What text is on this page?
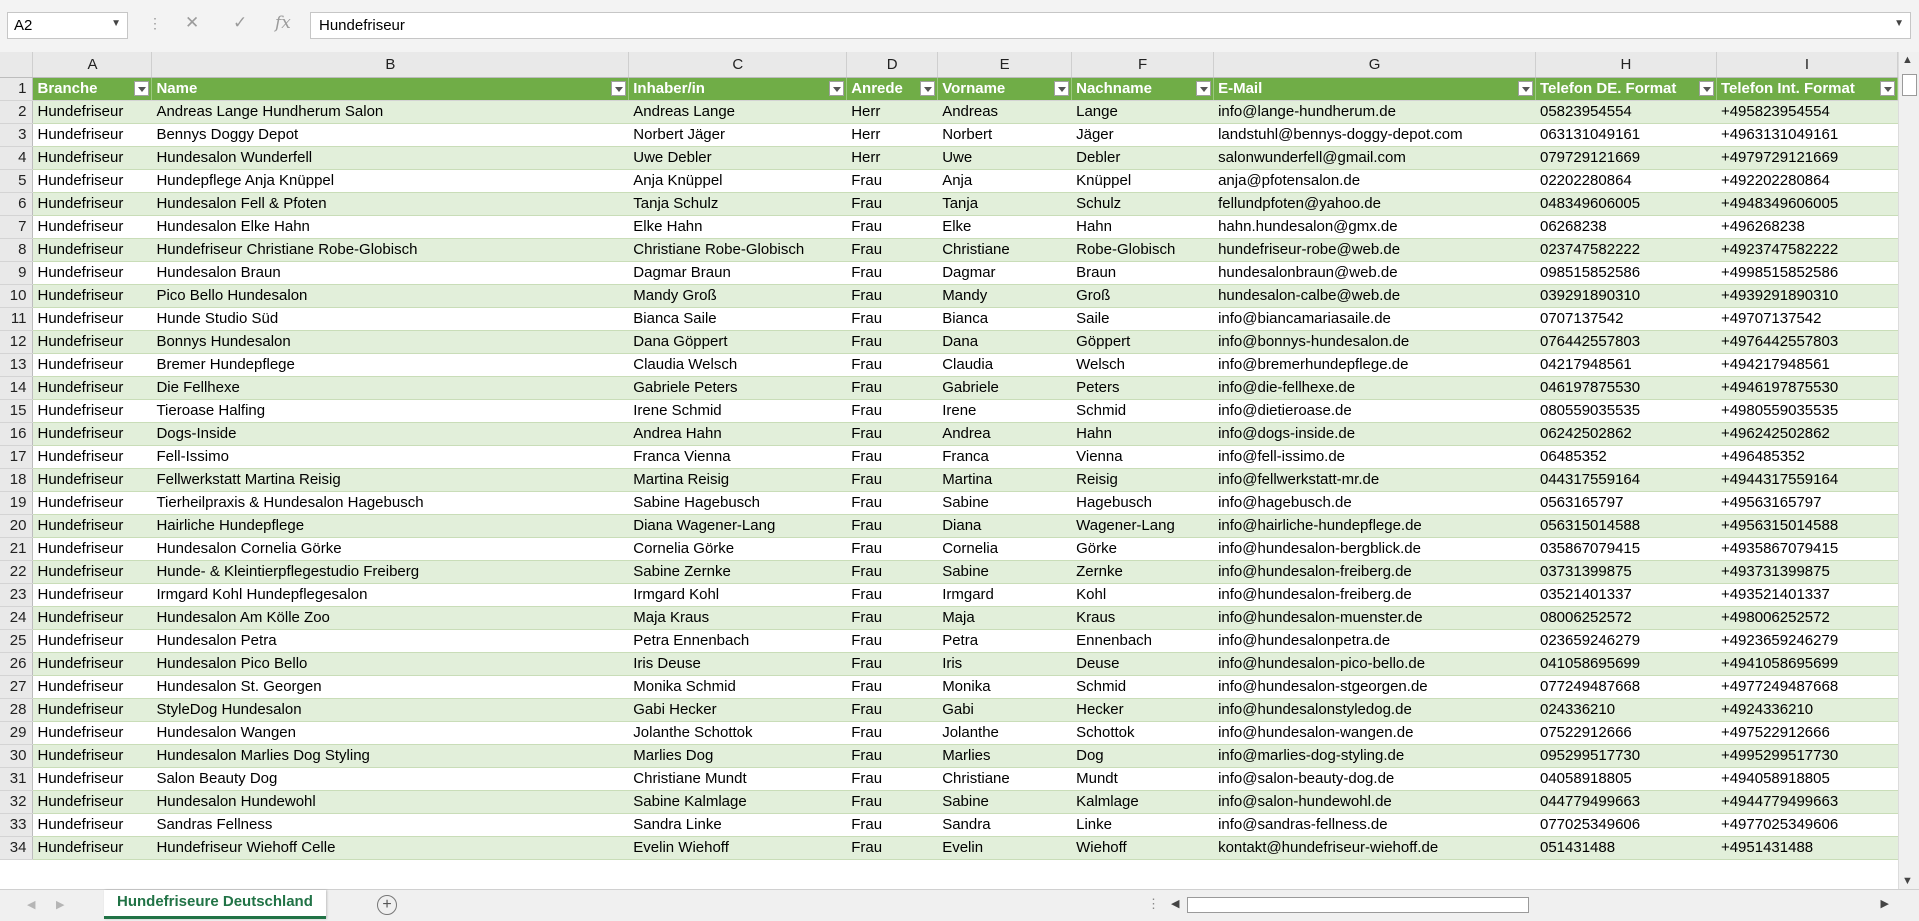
A2	▼ ⋮ ✕ ✓ fx Hundefriseur	▼
	A	B	C	D	E	F	G	H	I
1	Branche	Name	Inhaber/in	Anrede	Vorname	Nachname	E-Mail	Telefon DE. Format	Telefon Int. Format

2	Hundefriseur	Andreas Lange Hundherum Salon	Andreas Lange	Herr	Andreas	Lange	info@lange-hundherum.de	05823954554	+495823954554
3	Hundefriseur	Bennys Doggy Depot	Norbert Jäger	Herr	Norbert	Jäger	landstuhl@bennys-doggy-depot.com	063131049161	+4963131049161
4	Hundefriseur	Hundesalon Wunderfell	Uwe Debler	Herr	Uwe	Debler	salonwunderfell@gmail.com	079729121669	+4979729121669
5	Hundefriseur	Hundepflege Anja Knüppel	Anja Knüppel	Frau	Anja	Knüppel	anja@pfotensalon.de	02202280864	+492202280864
6	Hundefriseur	Hundesalon Fell & Pfoten	Tanja Schulz	Frau	Tanja	Schulz	fellundpfoten@yahoo.de	048349606005	+4948349606005
7	Hundefriseur	Hundesalon Elke Hahn	Elke Hahn	Frau	Elke	Hahn	hahn.hundesalon@gmx.de	06268238	+496268238
8	Hundefriseur	Hundefriseur Christiane Robe-Globisch	Christiane Robe-Globisch	Frau	Christiane	Robe-Globisch	hundefriseur-robe@web.de	023747582222	+4923747582222
9	Hundefriseur	Hundesalon Braun	Dagmar Braun	Frau	Dagmar	Braun	hundesalonbraun@web.de	098515852586	+4998515852586
10	Hundefriseur	Pico Bello Hundesalon	Mandy Groß	Frau	Mandy	Groß	hundesalon-calbe@web.de	039291890310	+4939291890310
11	Hundefriseur	Hunde Studio Süd	Bianca Saile	Frau	Bianca	Saile	info@biancamariasaile.de	0707137542	+49707137542
12	Hundefriseur	Bonnys Hundesalon	Dana Göppert	Frau	Dana	Göppert	info@bonnys-hundesalon.de	076442557803	+4976442557803
13	Hundefriseur	Bremer Hundepflege	Claudia Welsch	Frau	Claudia	Welsch	info@bremerhundepflege.de	04217948561	+494217948561
14	Hundefriseur	Die Fellhexe	Gabriele Peters	Frau	Gabriele	Peters	info@die-fellhexe.de	046197875530	+4946197875530
15	Hundefriseur	Tieroase Halfing	Irene Schmid	Frau	Irene	Schmid	info@dietieroase.de	080559035535	+4980559035535
16	Hundefriseur	Dogs-Inside	Andrea Hahn	Frau	Andrea	Hahn	info@dogs-inside.de	06242502862	+496242502862
17	Hundefriseur	Fell-Issimo	Franca Vienna	Frau	Franca	Vienna	info@fell-issimo.de	06485352	+496485352
18	Hundefriseur	Fellwerkstatt Martina Reisig	Martina Reisig	Frau	Martina	Reisig	info@fellwerkstatt-mr.de	044317559164	+4944317559164
19	Hundefriseur	Tierheilpraxis & Hundesalon Hagebusch	Sabine Hagebusch	Frau	Sabine	Hagebusch	info@hagebusch.de	0563165797	+49563165797
20	Hundefriseur	Hairliche Hundepflege	Diana Wagener-Lang	Frau	Diana	Wagener-Lang	info@hairliche-hundepflege.de	056315014588	+4956315014588
21	Hundefriseur	Hundesalon Cornelia Görke	Cornelia Görke	Frau	Cornelia	Görke	info@hundesalon-bergblick.de	035867079415	+4935867079415
22	Hundefriseur	Hunde- & Kleintierpflegestudio Freiberg	Sabine Zernke	Frau	Sabine	Zernke	info@hundesalon-freiberg.de	03731399875	+493731399875
23	Hundefriseur	Irmgard Kohl Hundepflegesalon	Irmgard Kohl	Frau	Irmgard	Kohl	info@hundesalon-freiberg.de	03521401337	+493521401337
24	Hundefriseur	Hundesalon Am Kölle Zoo	Maja Kraus	Frau	Maja	Kraus	info@hundesalon-muenster.de	08006252572	+498006252572
25	Hundefriseur	Hundesalon Petra	Petra Ennenbach	Frau	Petra	Ennenbach	info@hundesalonpetra.de	023659246279	+4923659246279
26	Hundefriseur	Hundesalon Pico Bello	Iris Deuse	Frau	Iris	Deuse	info@hundesalon-pico-bello.de	041058695699	+4941058695699
27	Hundefriseur	Hundesalon St. Georgen	Monika Schmid	Frau	Monika	Schmid	info@hundesalon-stgeorgen.de	077249487668	+4977249487668
28	Hundefriseur	StyleDog Hundesalon	Gabi Hecker	Frau	Gabi	Hecker	info@hundesalonstyledog.de	024336210	+4924336210
29	Hundefriseur	Hundesalon Wangen	Jolanthe Schottok	Frau	Jolanthe	Schottok	info@hundesalon-wangen.de	07522912666	+497522912666
30	Hundefriseur	Hundesalon Marlies Dog Styling	Marlies Dog	Frau	Marlies	Dog	info@marlies-dog-styling.de	095299517730	+4995299517730
31	Hundefriseur	Salon Beauty Dog	Christiane Mundt	Frau	Christiane	Mundt	info@salon-beauty-dog.de	04058918805	+494058918805
32	Hundefriseur	Hundesalon Hundewohl	Sabine Kalmlage	Frau	Sabine	Kalmlage	info@salon-hundewohl.de	044779499663	+4944779499663
33	Hundefriseur	Sandras Fellness	Sandra Linke	Frau	Sandra	Linke	info@sandras-fellness.de	077025349606	+4977025349606
34	Hundefriseur	Hundefriseur Wiehoff Celle	Evelin Wiehoff	Frau	Evelin	Wiehoff	kontakt@hundefriseur-wiehoff.de	051431488	+4951431488
▲
▼
◀ ▶	Hundefriseure Deutschland	+	⋮ ◀	▶
